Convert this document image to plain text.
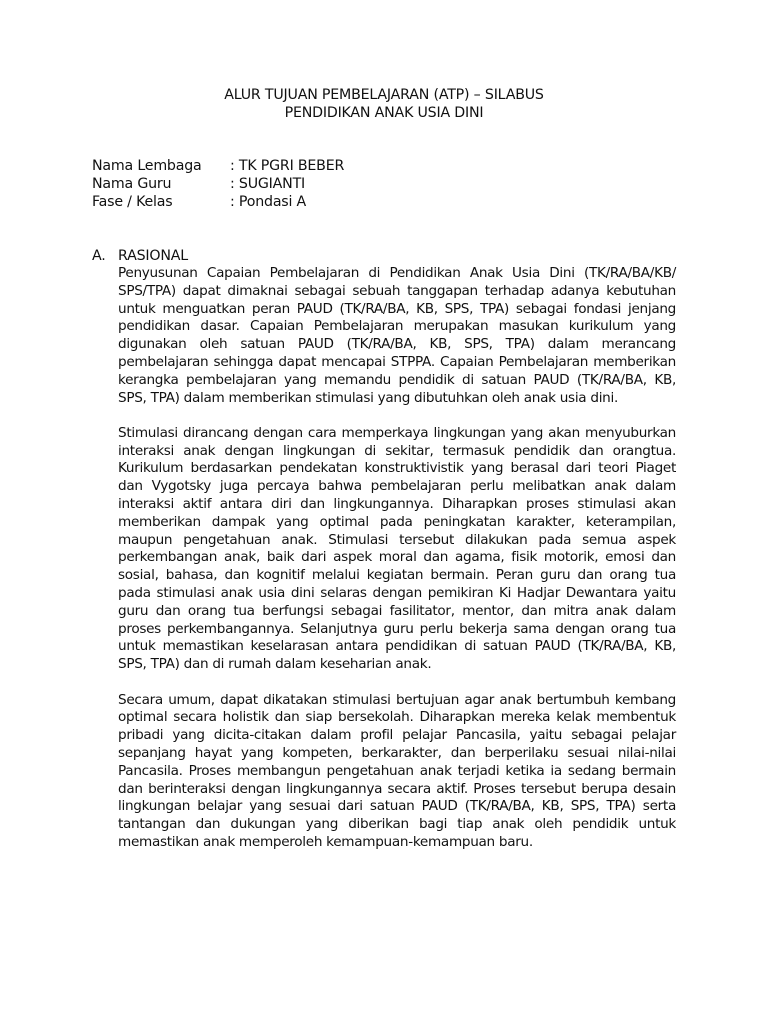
ALUR TUJUAN PEMBELAJARAN (ATP) – SILABUS
PENDIDIKAN ANAK USIA DINI
Nama Lembaga	: TK PGRI BEBER
Nama Guru	: SUGIANTI
Fase / Kelas	: Pondasi A
A. RASIONAL

Penyusunan Capaian Pembelajaran di Pendidikan Anak Usia Dini (TK/RA/BA/KB/ SPS/TPA) dapat dimaknai sebagai sebuah tanggapan terhadap adanya kebutuhan untuk menguatkan peran PAUD (TK/RA/BA, KB, SPS, TPA) sebagai fondasi jenjang pendidikan dasar. Capaian Pembelajaran merupakan masukan kurikulum yang digunakan oleh satuan PAUD (TK/RA/BA, KB, SPS, TPA) dalam merancang pembelajaran sehingga dapat mencapai STPPA. Capaian Pembelajaran memberikan kerangka pembelajaran yang memandu pendidik di satuan PAUD (TK/RA/BA, KB, SPS, TPA) dalam memberikan stimulasi yang dibutuhkan oleh anak usia dini.

Stimulasi dirancang dengan cara memperkaya lingkungan yang akan menyuburkan interaksi anak dengan lingkungan di sekitar, termasuk pendidik dan orangtua. Kurikulum berdasarkan pendekatan konstruktivistik yang berasal dari teori Piaget dan Vygotsky juga percaya bahwa pembelajaran perlu melibatkan anak dalam interaksi aktif antara diri dan lingkungannya. Diharapkan proses stimulasi akan memberikan dampak yang optimal pada peningkatan karakter, keterampilan, maupun pengetahuan anak. Stimulasi tersebut dilakukan pada semua aspek perkembangan anak, baik dari aspek moral dan agama, fisik motorik, emosi dan sosial, bahasa, dan kognitif melalui kegiatan bermain. Peran guru dan orang tua pada stimulasi anak usia dini selaras dengan pemikiran Ki Hadjar Dewantara yaitu guru dan orang tua berfungsi sebagai fasilitator, mentor, dan mitra anak dalam proses perkembangannya. Selanjutnya guru perlu bekerja sama dengan orang tua untuk memastikan keselarasan antara pendidikan di satuan PAUD (TK/RA/BA, KB, SPS, TPA) dan di rumah dalam keseharian anak.

Secara umum, dapat dikatakan stimulasi bertujuan agar anak bertumbuh kembang optimal secara holistik dan siap bersekolah. Diharapkan mereka kelak membentuk pribadi yang dicita-citakan dalam profil pelajar Pancasila, yaitu sebagai pelajar sepanjang hayat yang kompeten, berkarakter, dan berperilaku sesuai nilai-nilai Pancasila. Proses membangun pengetahuan anak terjadi ketika ia sedang bermain dan berinteraksi dengan lingkungannya secara aktif. Proses tersebut berupa desain lingkungan belajar yang sesuai dari satuan PAUD (TK/RA/BA, KB, SPS, TPA) serta tantangan dan dukungan yang diberikan bagi tiap anak oleh pendidik untuk memastikan anak memperoleh kemampuan-kemampuan baru.
